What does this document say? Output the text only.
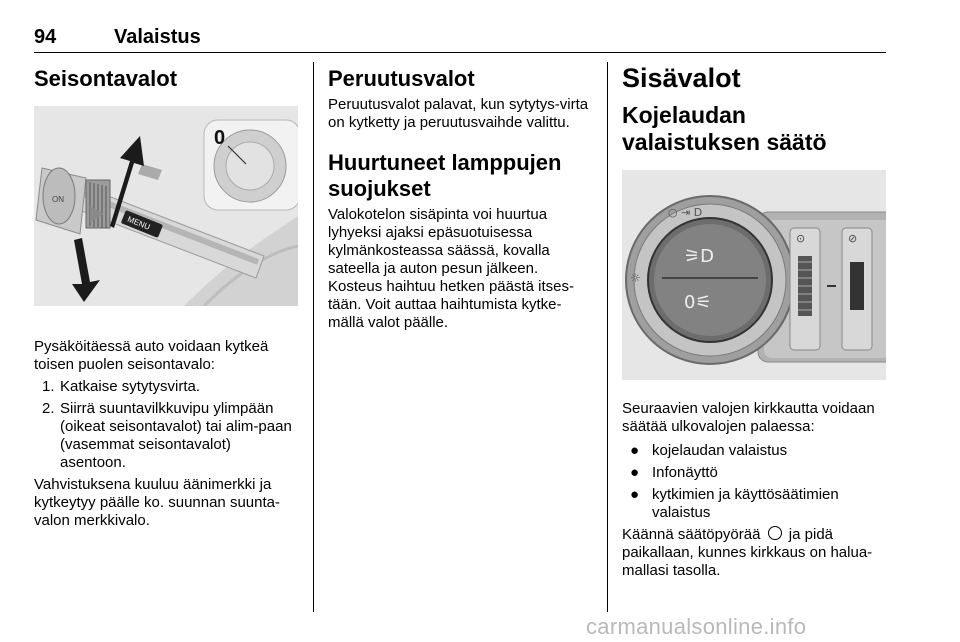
94	Valaistus
Seisontavalot
ON
MENU
0

Pysäköitäessä auto voidaan kytkeä toisen puolen seisontavalo:

1. Katkaise sytytysvirta.
2. Siirrä suuntavilkkuvipu ylimpään (oikeat seisontavalot) tai alim-paan (vasemmat seisontavalot) asentoon.

Vahvistuksena kuuluu äänimerkki ja kytkeytyy päälle ko. suunnan suunta-valon merkkivalo.

Peruutusvalot

Peruutusvalot palavat, kun sytytys-virta on kytketty ja peruutusvaihde valittu.

Huurtuneet lamppujen suojukset

Valokotelon sisäpinta voi huurtua lyhyeksi ajaksi epäsuotuisessa kylmänkosteassa säässä, kovalla sateella ja auton pesun jälkeen. Kosteus haihtuu hetken päästä itses-tään. Voit auttaa haihtumista kytke-mällä valot päälle.

Sisävalot
Kojelaudan valaistuksen säätö
⚞D
0⚟
○ ⇥ D
☼
⊙	⊘

Seuraavien valojen kirkkautta voidaan säätää ulkovalojen palaessa:

● kojelaudan valaistus
● Infonäyttö
● kytkimien ja käyttösäätimien valaistus

Käännä säätöpyörää ja pidä paikallaan, kunnes kirkkaus on halua-mallasi tasolla.

carmanualsonline.info
